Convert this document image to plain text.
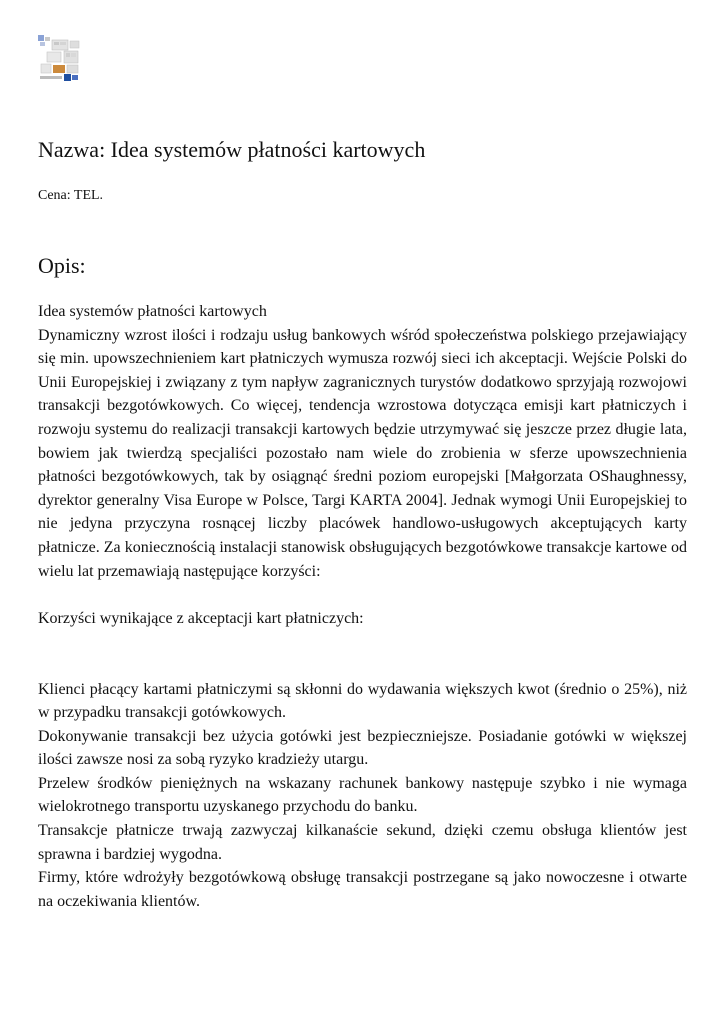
Nazwa: Idea systemów płatności kartowych

Cena: TEL.

Opis:

Idea systemów płatności kartowych

Dynamiczny wzrost ilości i rodzaju usług bankowych wśród społeczeństwa polskiego przejawiający się min. upowszechnieniem kart płatniczych wymusza rozwój sieci ich akceptacji. Wejście Polski do Unii Europejskiej i związany z tym napływ zagranicznych turystów dodatkowo sprzyjają rozwojowi transakcji bezgotówkowych. Co więcej, tendencja wzrostowa dotycząca emisji kart płatniczych i rozwoju systemu do realizacji transakcji kartowych będzie utrzymywać się jeszcze przez długie lata, bowiem jak twierdzą specjaliści pozostało nam wiele do zrobienia w sferze upowszechnienia płatności bezgotówkowych, tak by osiągnąć średni poziom europejski [Małgorzata OShaughnessy, dyrektor generalny Visa Europe w Polsce, Targi KARTA 2004]. Jednak wymogi Unii Europejskiej to nie jedyna przyczyna rosnącej liczby placówek handlowo-usługowych akceptujących karty płatnicze. Za koniecznością instalacji stanowisk obsługujących bezgotówkowe transakcje kartowe od wielu lat przemawiają następujące korzyści:

Korzyści wynikające z akceptacji kart płatniczych:

Klienci płacący kartami płatniczymi są skłonni do wydawania większych kwot (średnio o 25%), niż w przypadku transakcji gotówkowych.

Dokonywanie transakcji bez użycia gotówki jest bezpieczniejsze. Posiadanie gotówki w większej ilości zawsze nosi za sobą ryzyko kradzieży utargu.

Przelew środków pieniężnych na wskazany rachunek bankowy następuje szybko i nie wymaga wielokrotnego transportu uzyskanego przychodu do banku.

Transakcje płatnicze trwają zazwyczaj kilkanaście sekund, dzięki czemu obsługa klientów jest sprawna i bardziej wygodna.

Firmy, które wdrożyły bezgotówkową obsługę transakcji postrzegane są jako nowoczesne i otwarte na oczekiwania klientów.
